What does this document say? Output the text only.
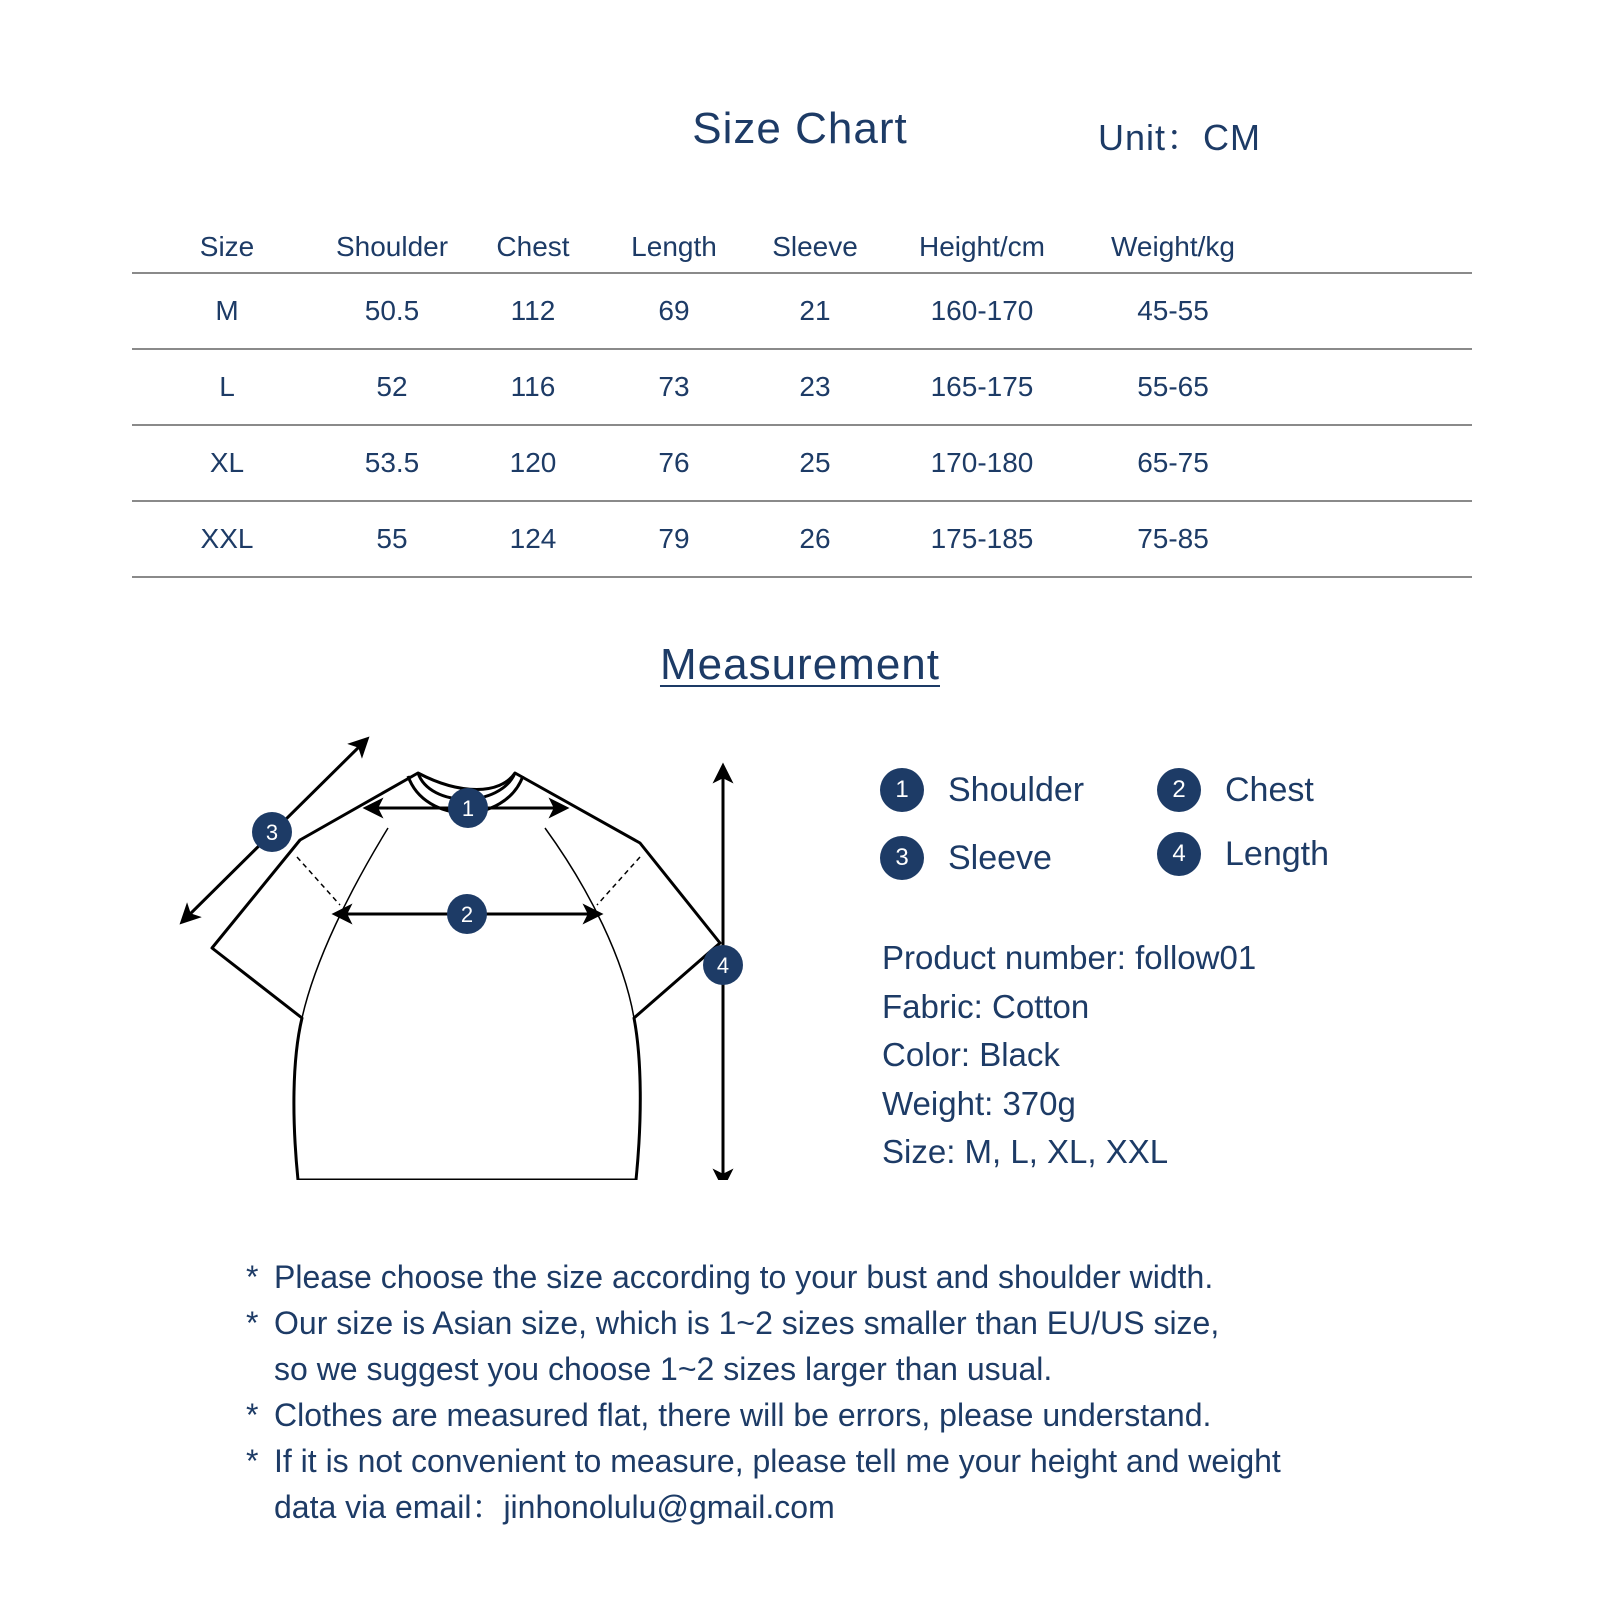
Size Chart	Unit：CM
Size	Shoulder	Chest	Length	Sleeve	Height/cm	Weight/kg	
M	50.5	112	69	21	160-170	45-55	
L	52	116	73	23	165-175	55-65	
XL	53.5	120	76	25	170-180	65-75	
XXL	55	124	79	26	175-185	75-85	
Measurement
1
2
3
4
1	Shoulder	2	Chest
3	Sleeve	4	Length
Product number: follow01
Fabric: Cotton
Color: Black
Weight: 370g
Size: M, L, XL, XXL
* Please choose the size according to your bust and shoulder width.
* Our size is Asian size, which is 1~2 sizes smaller than EU/US size,
so we suggest you choose 1~2 sizes larger than usual.
* Clothes are measured flat, there will be errors, please understand.
* If it is not convenient to measure, please tell me your height and weight
data via email：jinhonolulu@gmail.com
